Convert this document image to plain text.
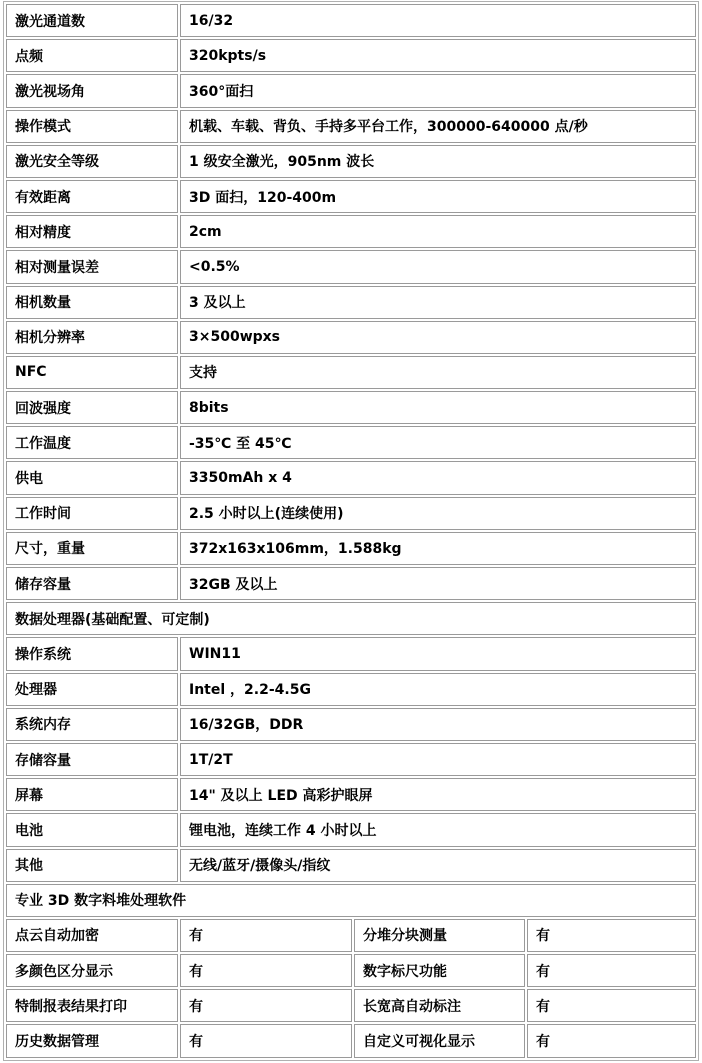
激光通道数	16/32		
点频	320kpts/s		
激光视场角	360°面扫		
操作模式	机载、车载、背负、手持多平台工作，300000-640000 点/秒		
激光安全等级	1 级安全激光，905nm 波长		
有效距离	3D 面扫，120-400m		
相对精度	2cm		
相对测量误差	<0.5%		
相机数量	3 及以上		
相机分辨率	3×500wpxs		
NFC	支持		
回波强度	8bits		
工作温度	-35℃ 至 45℃		
供电	3350mAh x 4		
工作时间	2.5 小时以上(连续使用)		
尺寸，重量	372x163x106mm，1.588kg		
储存容量	32GB 及以上		
数据处理器(基础配置、可定制)			
操作系统	WIN11		
处理器	Intel ，2.2-4.5G		
系统内存	16/32GB，DDR		
存储容量	1T/2T		
屏幕	14" 及以上 LED 高彩护眼屏		
电池	锂电池，连续工作 4 小时以上		
其他	无线/蓝牙/摄像头/指纹		
专业 3D 数字料堆处理软件			
点云自动加密	有	分堆分块测量	有
多颜色区分显示	有	数字标尺功能	有
特制报表结果打印	有	长宽高自动标注	有
历史数据管理	有	自定义可视化显示	有
